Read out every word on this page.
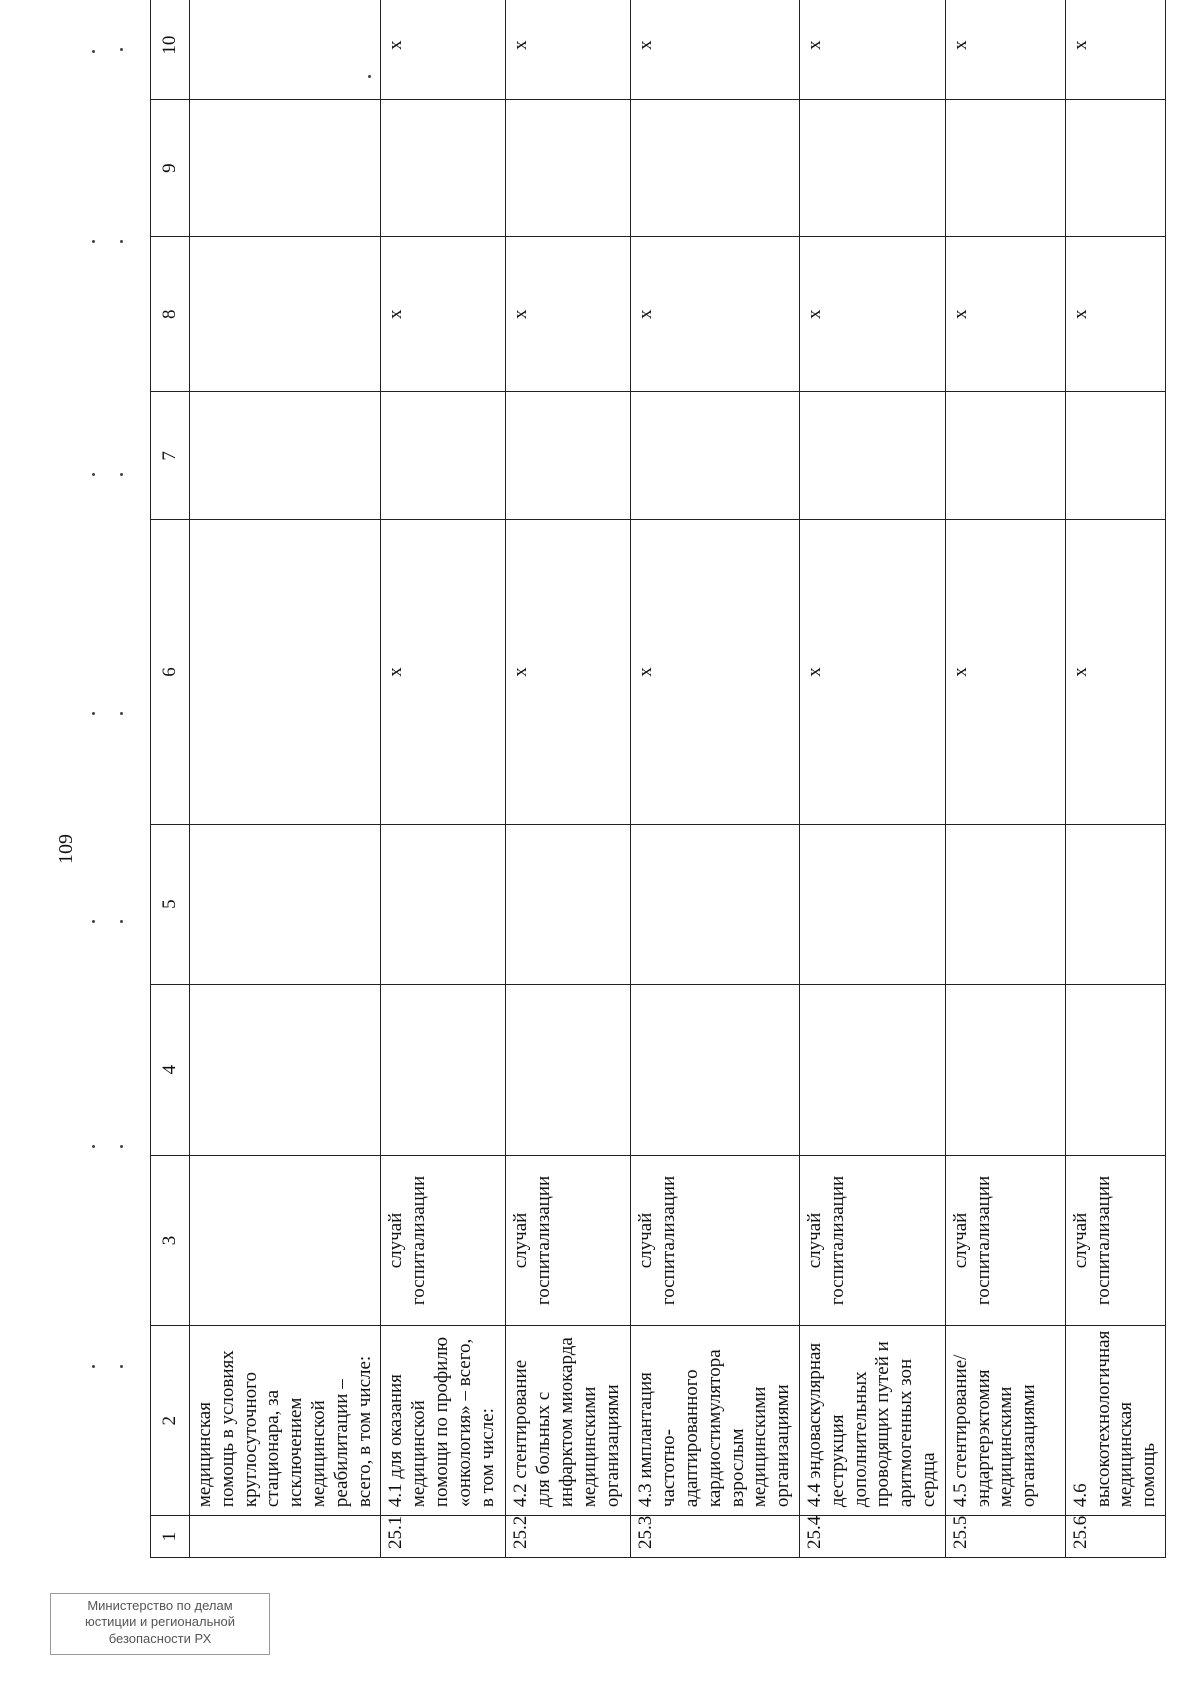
109
1	2	3	4	5	6	7	8	9	10
	медицинская помощь в условиях круглосуточного стационара, за исключением медицинской реабилитации – всего, в том числе:								
25.1	4.1 для оказания медицинской помощи по профилю «онкология» – всего, в том числе:	случай госпитализации			x		x		x
25.2	4.2 стентирование для больных с инфарктом миокарда медицинскими организациями	случай госпитализации			x		x		x
25.3	4.3 имплантация частотно-адаптированного кардиостимулятора взрослым медицинскими организациями	случай госпитализации			x		x		x
25.4	4.4 эндоваскулярная деструкция дополнительных проводящих путей и аритмогенных зон сердца	случай госпитализации			x		x		x
25.5	4.5 стентирование/ эндартерэктомия медицинскими организациями	случай госпитализации			x		x		x
25.6	4.6 высокотехнологичная медицинская помощь	случай госпитализации			x		x		x
Министерство по делам
юстиции и региональной
безопасности РХ
